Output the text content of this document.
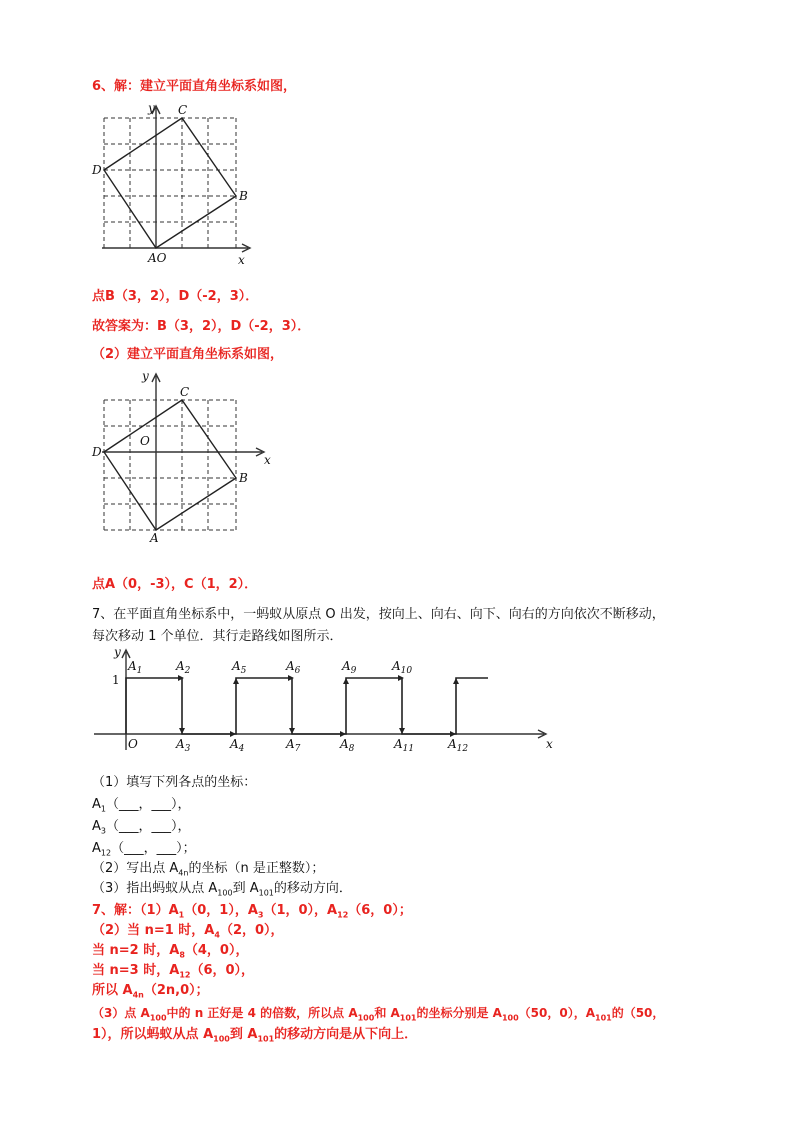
6、解：建立平面直角坐标系如图，
y C
D
B
AO	x
点B（3，2），D（-2，3）．
故答案为：B（3，2），D（-2，3）．
（2）建立平面直角坐标系如图，
y
C
O
D
x
B
A
点A（0，-3），C（1，2）．
7、在平面直角坐标系中，一蚂蚁从原点 O 出发，按向上、向右、向下、向右的方向依次不断移动，
每次移动 1 个单位．其行走路线如图所示．
y
1
O	x
$A_1$	$A_2$	$A_5$	$A_6$	$A_9$	$A_{10}$
$A_3$	$A_4$	$A_7$	$A_8$	$A_{11}$	$A_{12}$
（1）填写下列各点的坐标：
$A_1(\_\_\_$，___），
$A_3(\_\_\_$，___），
$A_{12}(\_\_\_$，___）；
（2）写出点 $A_{4n}$的坐标（n 是正整数）；
（3）指出蚂蚁从点 $A_{100}$到 $A_{101}$的移动方向．
7、解：$(1)A_1(0$，1），$A_3(1$，0），$A_{12}(6$，0）；
（2）当 n=1 时，$A_4(2$，0），
当 n=2 时，$A_8(4$，0），
当 n=3 时，$A_{12}(6$，0），
所以 $A_{4n}(2n,0)$；
（3）点 $A_{100}$中的 n 正好是 4 的倍数，所以点 $A_{100}$和 $A_{101}$的坐标分别是 $A_{100}(50$，0），$A_{101}$的（50，
1），所以蚂蚁从点 $A_{100}$到 $A_{101}$的移动方向是从下向上．
